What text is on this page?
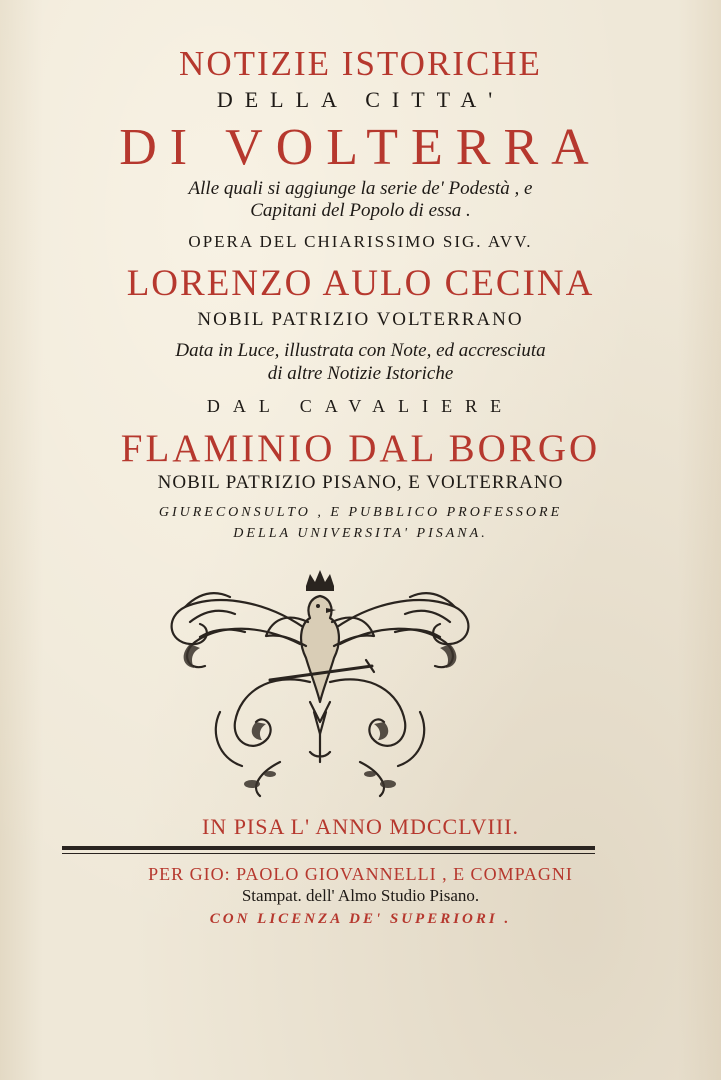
NOTIZIE ISTORICHE
DELLA CITTA'
DI VOLTERRA
Alle quali si aggiunge la serie de' Podestà , e
Capitani del Popolo di essa .
OPERA DEL CHIARISSIMO SIG. AVV.
LORENZO AULO CECINA
NOBIL PATRIZIO VOLTERRANO
Data in Luce, illustrata con Note, ed accresciuta
di altre Notizie Istoriche
DAL CAVALIERE
FLAMINIO DAL BORGO
NOBIL PATRIZIO PISANO, E VOLTERRANO
GIURECONSULTO , E PUBBLICO PROFESSORE
DELLA UNIVERSITA' PISANA.
IN PISA L' ANNO MDCCLVIII.
PER GIO: PAOLO GIOVANNELLI , E COMPAGNI
Stampat. dell' Almo Studio Pisano.
CON LICENZA DE' SUPERIORI .
